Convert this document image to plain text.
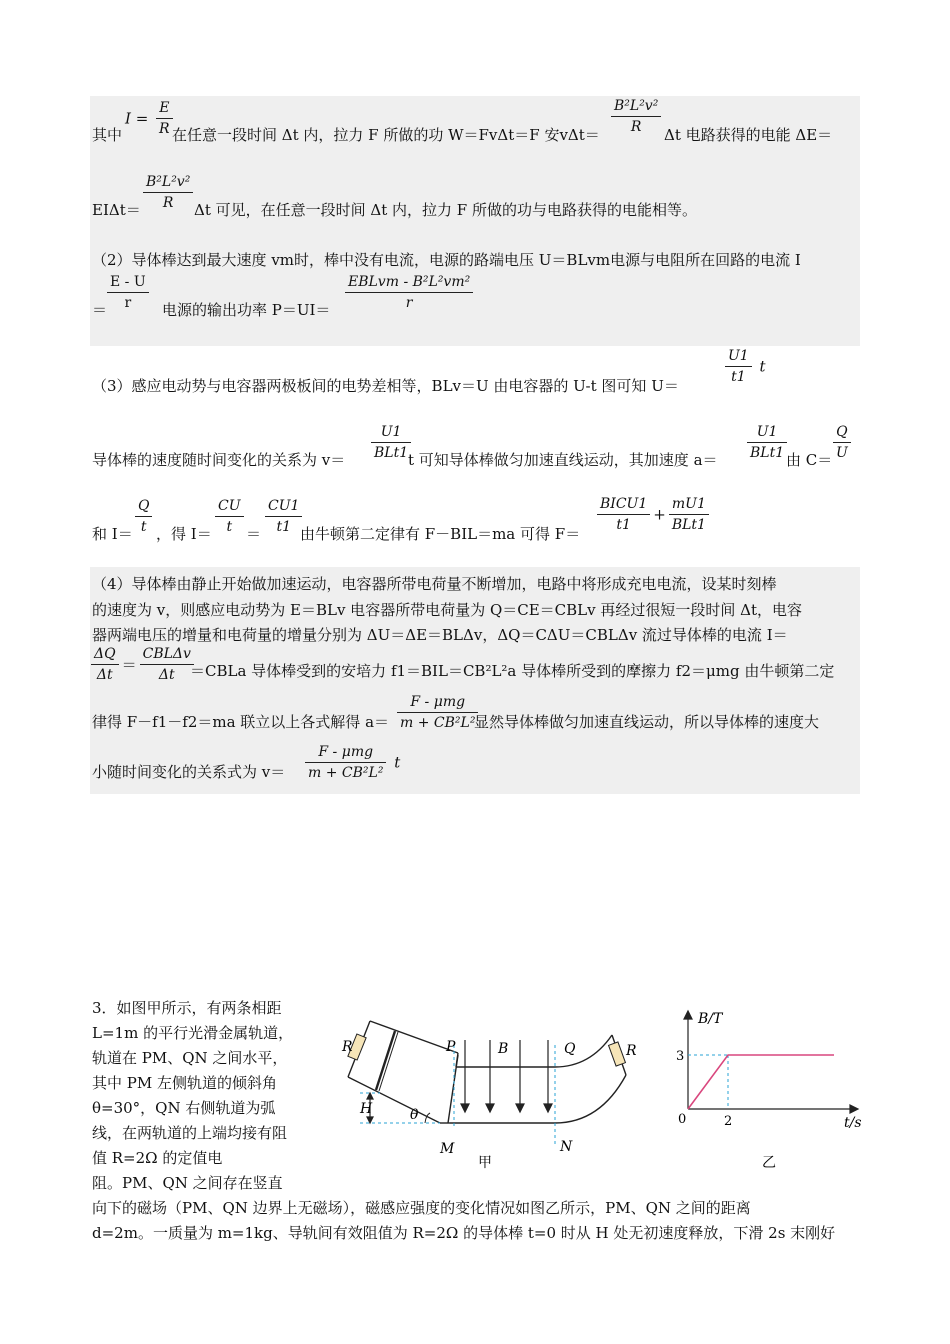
其中
$I = \frac{E}{R}$ 在任意一段时间 Δt 内，拉力 F 所做的功 W＝FvΔt＝F 安$v\Delta t= \frac{\text{B²L²v²}}{R}$ Δt 电路获得的电能 ΔE＝
$EI\Delta t= \frac{\text{B²L²v²}}{R}$ Δt 可见，在任意一段时间 Δt 内，拉力 F 所做的功与电路获得的电能相等。
（2）导体棒达到最大速度 vm时，棒中没有电流，电源的路端电压 U＝BLvm电源与电阻所在回路的电流 I
＝ $\frac{E - U}{r}$ 电源的输出功率 P＝UI＝
EBLvm - B²L²vm²
r
（3）感应电动势与电容器两极板间的电势差相等，BLv＝U 由电容器的 U-t 图可知 U＝
$\frac{U1}{t1}$ t
导体棒的速度随时间变化的关系为 v＝
U1
BLt1 t 可知导体棒做匀加速直线运动，其加速度 a＝
U1
BLt1 由 $C= \frac{Q}{U}$
和 $I= \frac{Q}{t}$ ，得 $I= \frac{CU}{t} = \frac{CU1}{t1}$
由牛顿第二定律有 F－BIL＝ma 可得 F＝
BICU1
t1
+
mU1
BLt1
（4）导体棒由静止开始做加速运动，电容器所带电荷量不断增加，电路中将形成充电电流，设某时刻棒
的速度为 v，则感应电动势为 E＝BLv 电容器所带电荷量为 Q＝CE＝CBLv 再经过很短一段时间 Δt，电容
器两端电压的增量和电荷量的增量分别为 ΔU＝ΔE＝BLΔv，ΔQ＝CΔU＝CBLΔv 流过导体棒的电流 I＝
$\frac{\Delta Q}{\Delta t}$ ＝
CBLΔv
Δt	＝CBLa 导体棒受到的安培力 f1＝BIL＝CB²L²a 导体棒所受到的摩擦力 f2＝μmg 由牛顿第二定
律得 F－f1－f2＝ma 联立以上各式解得 a＝
F - μmg
m + CB²L²
显然导体棒做匀加速直线运动，所以导体棒的速度大
小随时间变化的关系式为 v＝
F - μmg
m + CB²L²
t
3．如图甲所示，有两条相距
L=1m 的平行光滑金属轨道，
轨道在 PM、QN 之间水平，
其中 PM 左侧轨道的倾斜角
θ=30°，QN 右侧轨道为弧
线，在两轨道的上端均接有阻
值 R=2Ω 的定值电
阻。PM、QN 之间存在竖直
向下的磁场（PM、QN 边界上无磁场），磁感应强度的变化情况如图乙所示，PM、QN 之间的距离
d=2m。一质量为 m=1kg、导轨间有效阻值为 R=2Ω 的导体棒 t=0 时从 H 处无初速度释放，下滑 2s 末刚好
R	R
P	B	Q
H	θ
M	N
甲
B/T
t/s
3
2
0
乙
